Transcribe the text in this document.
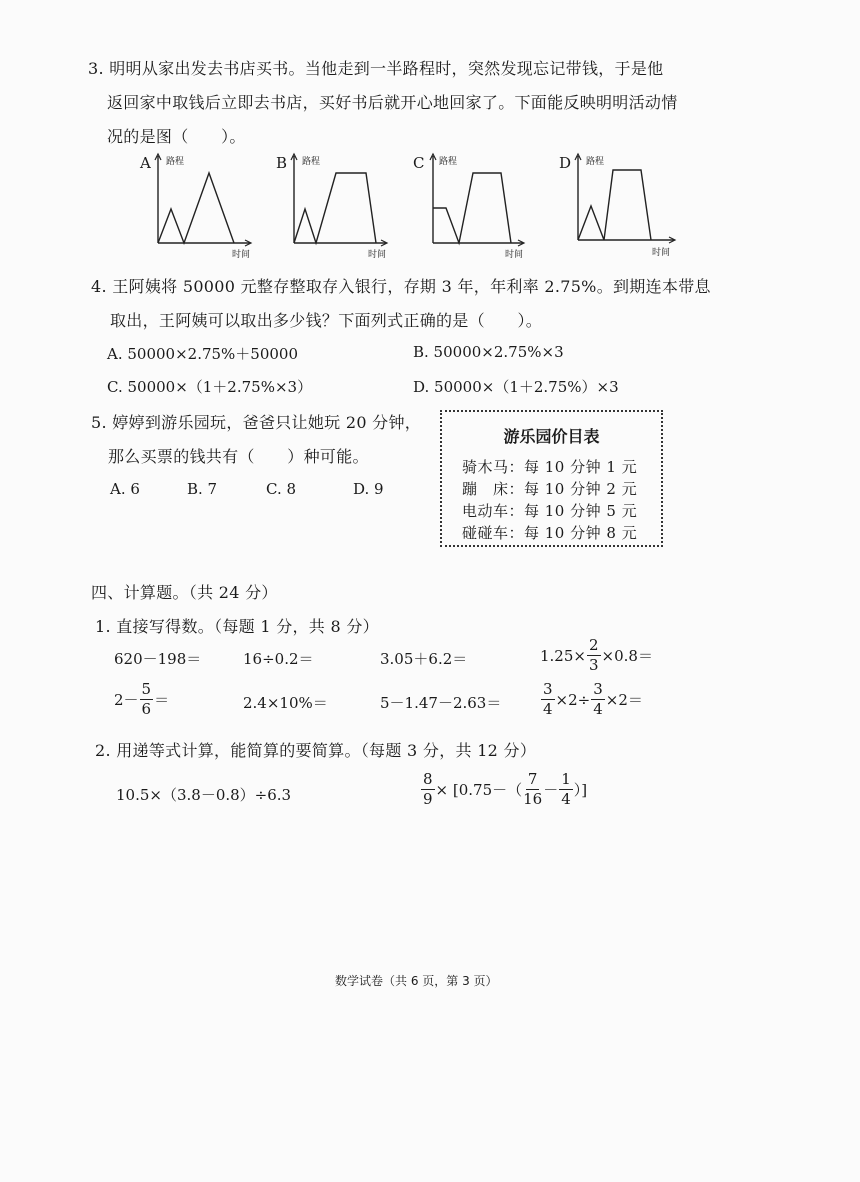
3. 明明从家出发去书店买书。当他走到一半路程时，突然发现忘记带钱，于是他
返回家中取钱后立即去书店，买好书后就开心地回家了。下面能反映明明活动情
况的是图（　　）。
A 路程
时间
B 路程
时间
C 路程
时间
D 路程
时间
4. 王阿姨将 50000 元整存整取存入银行，存期 3 年，年利率 2.75%。到期连本带息
取出，王阿姨可以取出多少钱？下面列式正确的是（　　）。
A. 50000×2.75%＋50000	B. 50000×2.75%×3
C. 50000×（1＋2.75%×3）	D. 50000×（1＋2.75%）×3
5. 婷婷到游乐园玩，爸爸只让她玩 20 分钟，
那么买票的钱共有（　　）种可能。
A. 6	B. 7	C. 8	D. 9
游乐园价目表
骑木马：每 10 分钟 1 元
蹦　床：每 10 分钟 2 元
电动车：每 10 分钟 5 元
碰碰车：每 10 分钟 8 元
四、计算题。（共 24 分）
1. 直接写得数。（每题 1 分，共 8 分）
620－198＝	16÷0.2＝	3.05＋6.2＝	$1.25\times \frac{2}{3} \times 0.8=$
$2- \frac{5}{6}$ ＝	2.4×10%＝	5－1.47－2.63＝	$\frac{3}{4} \times 2\div \frac{3}{4} \times 2=$
2. 用递等式计算，能简算的要简算。（每题 3 分，共 12 分）
10.5×（3.8－0.8）÷6.3	$\frac{8}{9} \times [0.75-( \frac{7}{16} - \frac{1}{4}$ ）]
数学试卷（共 6 页，第 3 页）
